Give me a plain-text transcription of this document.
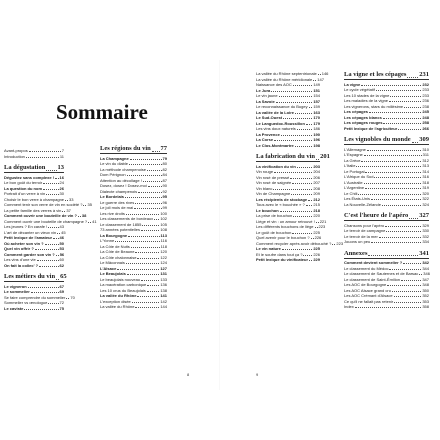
Sommaire
Avant-propos	7
Introduction	11
La dégustation 13
Dégustez sans complexe ! 16
Le bon goût du terroir	24
La question du nom	26
Portrait d'un verre à vin	30
Choisir le bon verre à champagne 33
Comment tenir son verre de vin en société ? 35
La petite famille des verres à vin 37
Comment ouvrir une bouteille de vin ? 38
Comment ouvrir une bouteille de champagne ? 41
Les jeunes ? En carafe !	43
L'art de décanter un vieux vin 45
Petit lexique de l'amateur 46
Où acheter son vin ?	50
Quel vin offrir ?	53
Comment garder son vin ? 56
Les vins d'une vie	60
On fait la collec' ?	62
Les métiers du vin 65
Le vigneron	67
Le sommelier	69
Se faire comprendre du sommelier 70
Sommelier vs œnologue	72
Le caviste	75
Les régions du vin 77
La Champagne	79
Le vin du diable	80
La méthode champenoise	82
Dom Pérignon	84
Attention au décollage !	87
Dosez, dosez ! Dosez-moi	90
Dialecte champenois	92
Le Bordelais	95
Le guerre des rives	96
Le joli mois de mai	99
Les rive droits	100
Les classements de bordeaux 102
Le classement de 1855	105
73 années potentielles	108
La Bourgogne	113
L'Yonne	116
La Côte de Nuits	118
La Côte de Beaune	120
La Côte chalonnaise	122
Le Mâconnais	124
L'Alsace	127
Le Beaujolais	131
Le beaujolais nouveau	133
La macération carbonique	136
Les 10 crus du Beaujolais	138
La vallée du Rhône	141
L'exception disée	142
La vallée du Rhône	144
La vallée du Rhône septentrionale 146
La vallée du Rhône méridionale 147
Naissance des AOC	149
Le Jura	151
Le vin jaune	154
La Savoie	157
Le reconnaissance du Bugey 159
La vallée de la Loire	163
Le Sud-Ouest	170
Le Languedoc-Roussillon 179
Les vins doux naturels	186
La Provence	190
La Corse	196
Le Clos-Montmartre	198
La fabrication du vin 201
La vinification du vin	203
Vin rouge	204
Vin rosé de pressé	206
Vin rosé de saignée	207
Vin blanc	208
Vin de Champagne	209
Les récipients de stockage 212
Tous avec le « bouchée » ? 215
Le bouchon	218
La prise de bouchon	220
Liège et vin : un amour retrouvé ! 221
Les différents bouchons de liège 223
Le goût de bouchon	225
Quel avenir pour le bouchon ? 226
Comment recycler après avoir débouché ? 223
Le vin nature	225
Et le soufre dans tout ça ?	226
Petit lexique du vinificateur 229
La vigne et les cépages 231
La vigne	232
Le cycle végétatif	233
Les 10 stades de la vigne	233
Les maladies de la vigne	236
Les vignerons, stars du millésime	238
Les cépages	245
Les cépages blancs	248
Les cépages rouges	258
Petit lexique de l'agriculteur	266
Les vignobles du monde 309
L'Allemagne	310
L'Espagne	311
La Grèce	312
L'Italie	313
Le Portugal	314
L'Afrique du Sud	316
L'Australie	318
L'Argentine	319
Le Chili	320
Les États-Unis	322
La Nouvelle-Zélande	324
C'est l'heure de l'apéro 327
Chansons pour l'apéro	329
Le terroir de campagne	330
Le terroir de la mer	332
Jouons un peu	334
Annexes	341
Comment devient sommelier ?	342
Le classement du Médoc	344
Le classement de Sauternes et de Barsac 346
Le classement de Saint-Émilion	347
Les AOC de Bourgogne	348
Les AOC Alsace grand cru	350
Les AOC Crémant d'Alsace	352
Ce qu'il ne fallait pas retenir	353
Index	358
8	9
